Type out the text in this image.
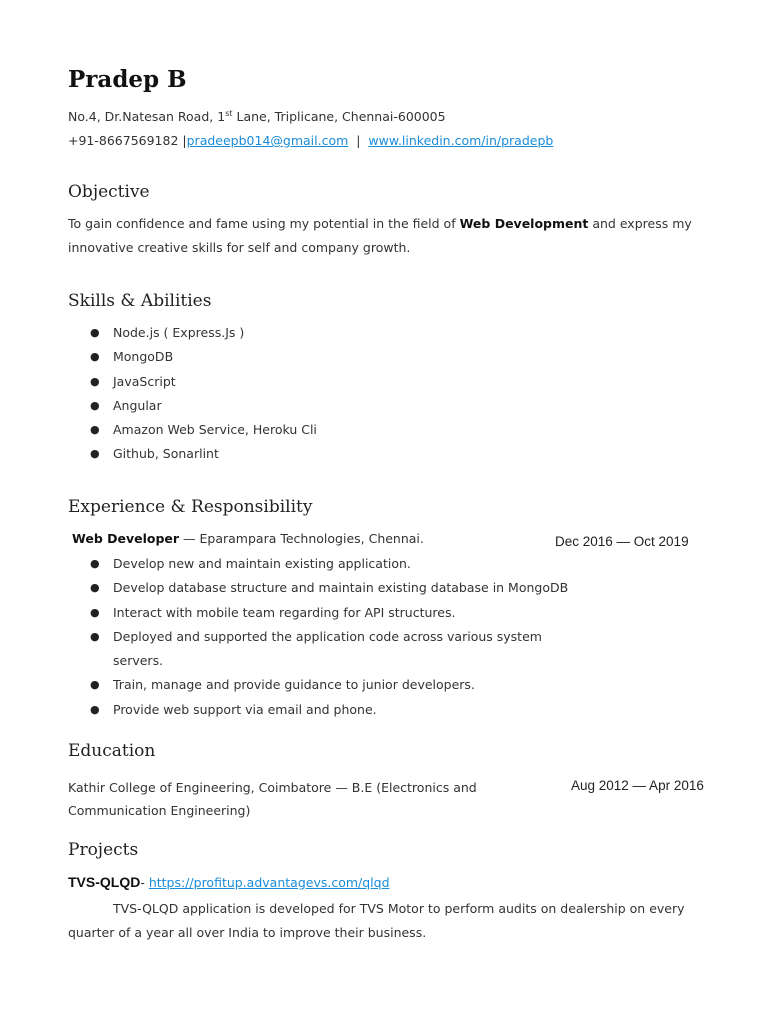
Pradep B
No.4, Dr.Natesan Road, 1st Lane, Triplicane, Chennai-600005
+91-8667569182 |pradeepb014@gmail.com | www.linkedin.com/in/pradepb
Objective
To gain confidence and fame using my potential in the field of Web Development and express my innovative creative skills for self and company growth.
Skills & Abilities
● Node.js ( Express.Js )
● MongoDB
● JavaScript
● Angular
● Amazon Web Service, Heroku Cli
● Github, Sonarlint
Experience & Responsibility
Web Developer — Eparampara Technologies, Chennai.	Dec 2016 — Oct 2019
● Develop new and maintain existing application.
● Develop database structure and maintain existing database in MongoDB
● Interact with mobile team regarding for API structures.
● Deployed and supported the application code across various system servers.
● Train, manage and provide guidance to junior developers.
● Provide web support via email and phone.
Education
Kathir College of Engineering, Coimbatore — B.E (Electronics and Communication Engineering)
Aug 2012 — Apr 2016
Projects
TVS-QLQD- https://profitup.advantagevs.com/qlqd
TVS-QLQD application is developed for TVS Motor to perform audits on dealership on every quarter of a year all over India to improve their business.
